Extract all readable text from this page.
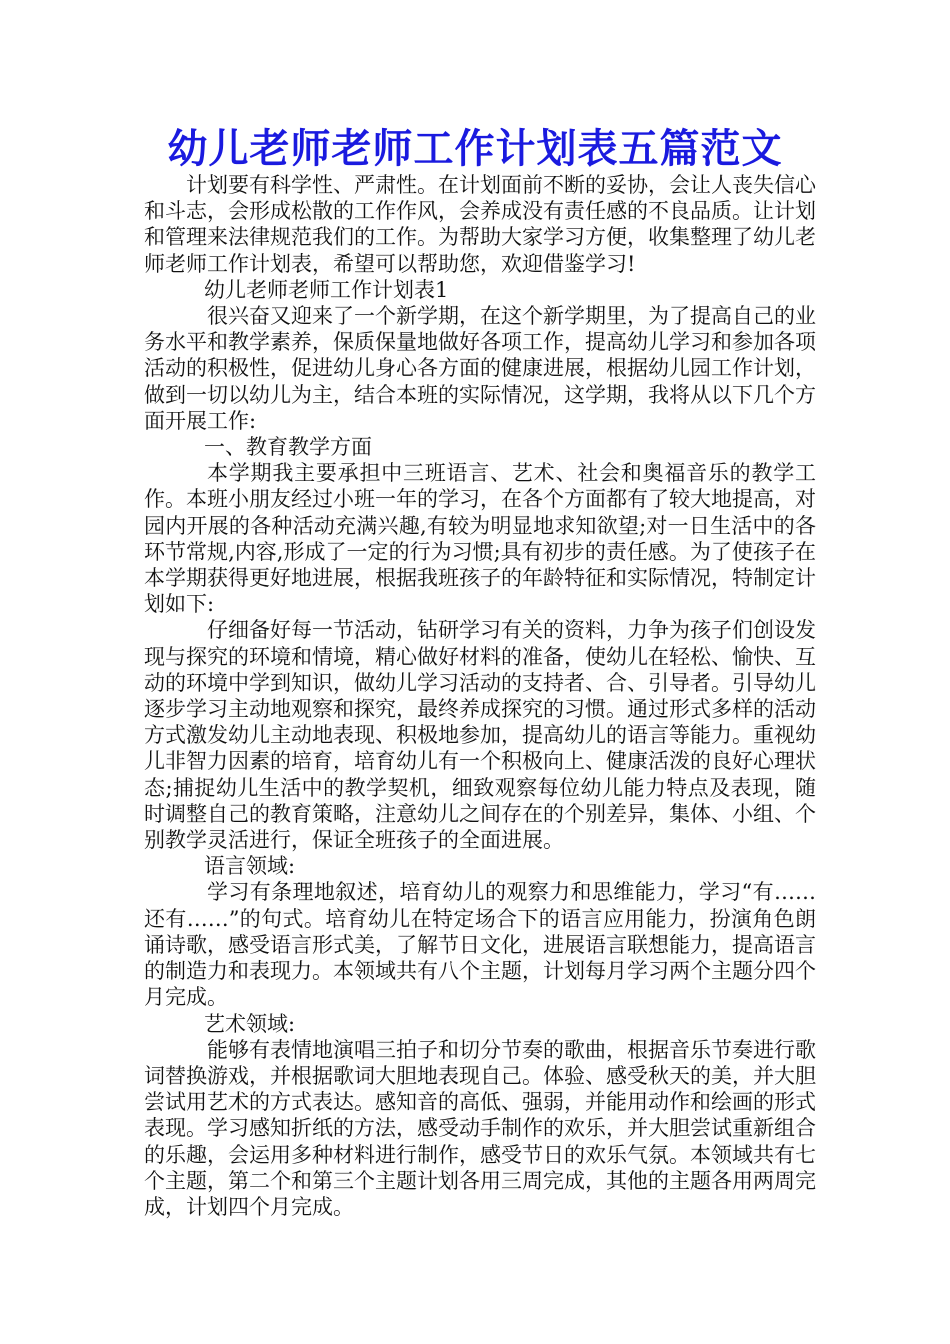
幼儿老师老师工作计划表五篇范文

计划要有科学性、严肃性。在计划面前不断的妥协，会让人丧失信心和斗志，会形成松散的工作作风，会养成没有责任感的不良品质。让计划和管理来法律规范我们的工作。为帮助大家学习方便，收集整理了幼儿老师老师工作计划表，希望可以帮助您，欢迎借鉴学习!

幼儿老师老师工作计划表1

很兴奋又迎来了一个新学期，在这个新学期里，为了提高自己的业务水平和教学素养，保质保量地做好各项工作，提高幼儿学习和参加各项活动的积极性，促进幼儿身心各方面的健康进展，根据幼儿园工作计划，做到一切以幼儿为主，结合本班的实际情况，这学期，我将从以下几个方面开展工作:

一、教育教学方面

本学期我主要承担中三班语言、艺术、社会和奥福音乐的教学工作。本班小朋友经过小班一年的学习，在各个方面都有了较大地提高，对园内开展的各种活动充满兴趣,有较为明显地求知欲望;对一日生活中的各环节常规,内容,形成了一定的行为习惯;具有初步的责任感。为了使孩子在本学期获得更好地进展，根据我班孩子的年龄特征和实际情况，特制定计划如下:

仔细备好每一节活动，钻研学习有关的资料，力争为孩子们创设发现与探究的环境和情境，精心做好材料的准备，使幼儿在轻松、愉快、互动的环境中学到知识，做幼儿学习活动的支持者、合、引导者。引导幼儿逐步学习主动地观察和探究，最终养成探究的习惯。通过形式多样的活动方式激发幼儿主动地表现、积极地参加，提高幼儿的语言等能力。重视幼儿非智力因素的培育，培育幼儿有一个积极向上、健康活泼的良好心理状态;捕捉幼儿生活中的教学契机，细致观察每位幼儿能力特点及表现，随时调整自己的教育策略，注意幼儿之间存在的个别差异，集体、小组、个别教学灵活进行，保证全班孩子的全面进展。

语言领域:

学习有条理地叙述，培育幼儿的观察力和思维能力，学习“有……还有……”的句式。培育幼儿在特定场合下的语言应用能力，扮演角色朗诵诗歌，感受语言形式美，了解节日文化，进展语言联想能力，提高语言的制造力和表现力。本领域共有八个主题，计划每月学习两个主题分四个月完成。

艺术领域:

能够有表情地演唱三拍子和切分节奏的歌曲，根据音乐节奏进行歌词替换游戏，并根据歌词大胆地表现自己。体验、感受秋天的美，并大胆尝试用艺术的方式表达。感知音的高低、强弱，并能用动作和绘画的形式表现。学习感知折纸的方法，感受动手制作的欢乐，并大胆尝试重新组合的乐趣，会运用多种材料进行制作，感受节日的欢乐气氛。本领域共有七个主题，第二个和第三个主题计划各用三周完成，其他的主题各用两周完成，计划四个月完成。
